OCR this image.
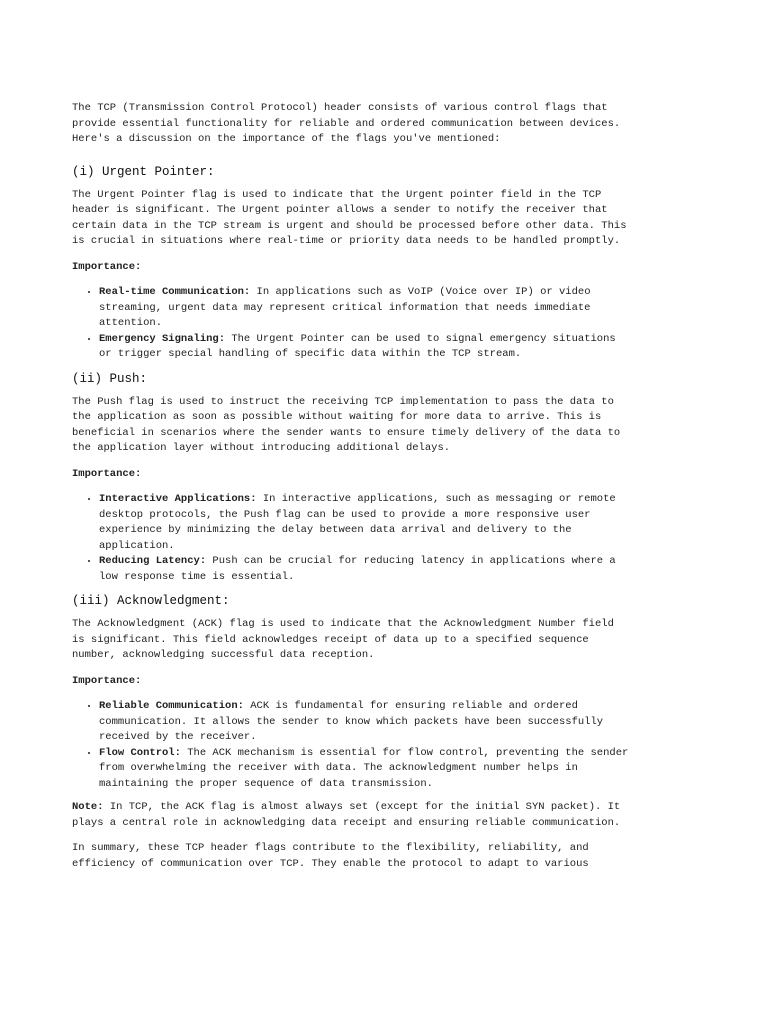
The TCP (Transmission Control Protocol) header consists of various control flags that provide essential functionality for reliable and ordered communication between devices. Here's a discussion on the importance of the flags you've mentioned:

(i) Urgent Pointer:

The Urgent Pointer flag is used to indicate that the Urgent pointer field in the TCP header is significant. The Urgent pointer allows a sender to notify the receiver that certain data in the TCP stream is urgent and should be processed before other data. This is crucial in situations where real-time or priority data needs to be handled promptly.

Importance:

• Real-time Communication: In applications such as VoIP (Voice over IP) or video streaming, urgent data may represent critical information that needs immediate attention.
• Emergency Signaling: The Urgent Pointer can be used to signal emergency situations or trigger special handling of specific data within the TCP stream.
(ii) Push:

The Push flag is used to instruct the receiving TCP implementation to pass the data to the application as soon as possible without waiting for more data to arrive. This is beneficial in scenarios where the sender wants to ensure timely delivery of the data to the application layer without introducing additional delays.

Importance:

• Interactive Applications: In interactive applications, such as messaging or remote desktop protocols, the Push flag can be used to provide a more responsive user experience by minimizing the delay between data arrival and delivery to the application.
• Reducing Latency: Push can be crucial for reducing latency in applications where a low response time is essential.
(iii) Acknowledgment:

The Acknowledgment (ACK) flag is used to indicate that the Acknowledgment Number field is significant. This field acknowledges receipt of data up to a specified sequence number, acknowledging successful data reception.

Importance:

• Reliable Communication: ACK is fundamental for ensuring reliable and ordered communication. It allows the sender to know which packets have been successfully received by the receiver.
• Flow Control: The ACK mechanism is essential for flow control, preventing the sender from overwhelming the receiver with data. The acknowledgment number helps in maintaining the proper sequence of data transmission.

Note: In TCP, the ACK flag is almost always set (except for the initial SYN packet). It plays a central role in acknowledging data receipt and ensuring reliable communication.

In summary, these TCP header flags contribute to the flexibility, reliability, and efficiency of communication over TCP. They enable the protocol to adapt to various
